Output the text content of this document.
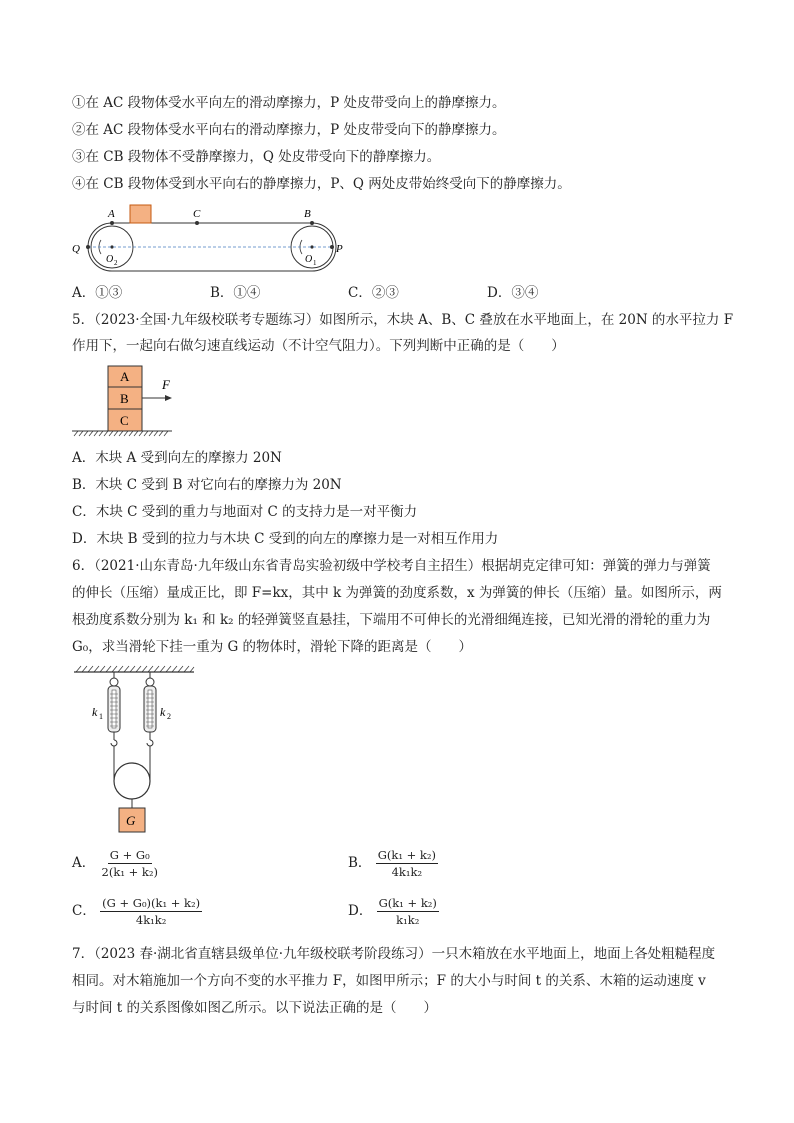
①在 AC 段物体受水平向左的滑动摩擦力，P 处皮带受向上的静摩擦力。
②在 AC 段物体受水平向右的滑动摩擦力，P 处皮带受向下的静摩擦力。
③在 CB 段物体不受静摩擦力，Q 处皮带受向下的静摩擦力。
④在 CB 段物体受到水平向右的静摩擦力，P、Q 两处皮带始终受向下的静摩擦力。
A	C	B
Q	P
O 2	O 1
A．①③	B．①④	C．②③	D．③④
5．（2023·全国·九年级校联考专题练习）如图所示，木块 A、B、C 叠放在水平地面上，在 20N 的水平拉力 F
作用下，一起向右做匀速直线运动（不计空气阻力）。下列判断中正确的是（　　）
A
B
C
F
A．木块 A 受到向左的摩擦力 20N
B．木块 C 受到 B 对它向右的摩擦力为 20N
C．木块 C 受到的重力与地面对 C 的支持力是一对平衡力
D．木块 B 受到的拉力与木块 C 受到的向左的摩擦力是一对相互作用力
6．（2021·山东青岛·九年级山东省青岛实验初级中学校考自主招生）根据胡克定律可知：弹簧的弹力与弹簧
的伸长（压缩）量成正比，即 F=kx，其中 k 为弹簧的劲度系数，x 为弹簧的伸长（压缩）量。如图所示，两
根劲度系数分别为 k₁ 和 k₂ 的轻弹簧竖直悬挂，下端用不可伸长的光滑细绳连接，已知光滑的滑轮的重力为
G₀，求当滑轮下挂一重为 G 的物体时，滑轮下降的距离是（　　）
G
k 1	k 2
A． $\frac{\text{G + G₀}}{\text{2(k₁ + k₂)}}$	B． $\frac{\text{G(k₁ + k₂)}}{\text{4k₁k₂}}$
C． $\frac{\text{(G + G₀)(k₁ + k₂)}}{\text{4k₁k₂}}$	D． $\frac{\text{G(k₁ + k₂)}}{\text{k₁k₂}}$
7．（2023 春·湖北省直辖县级单位·九年级校联考阶段练习）一只木箱放在水平地面上，地面上各处粗糙程度
相同。对木箱施加一个方向不变的水平推力 F，如图甲所示；F 的大小与时间 t 的关系、木箱的运动速度 v
与时间 t 的关系图像如图乙所示。以下说法正确的是（　　）
